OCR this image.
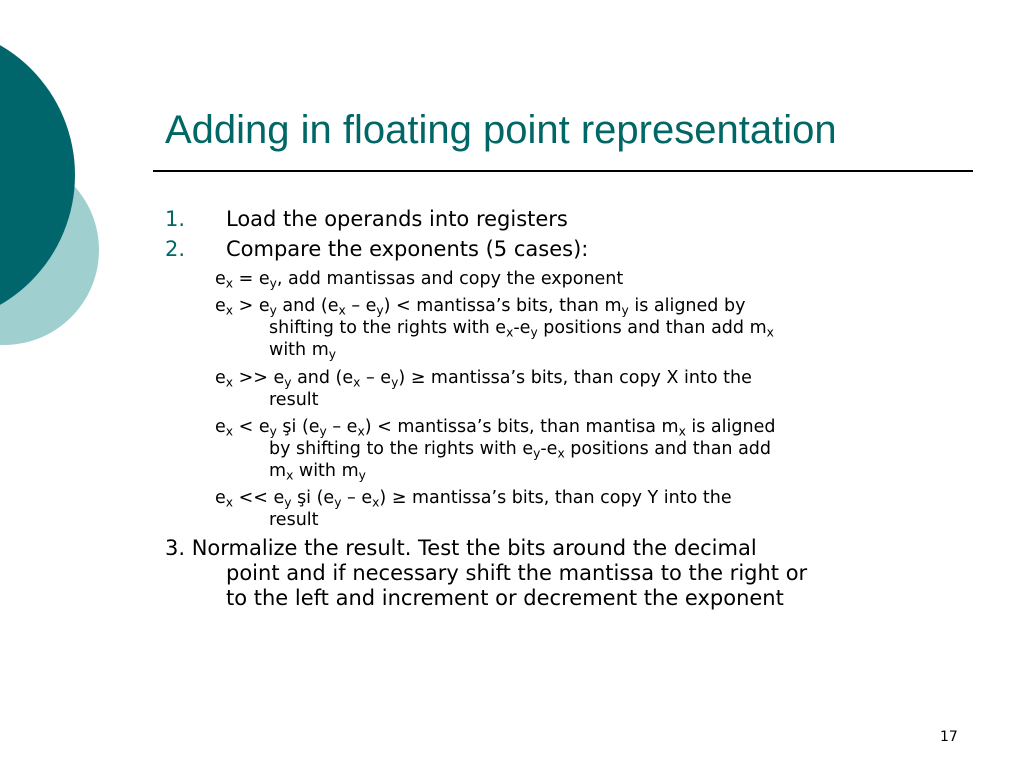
Adding in floating point representation
1. Load the operands into registers
2. Compare the exponents (5 cases):
$e_x = e_y$, add mantissas and copy the exponent
$e_x > e_y$ and $(e_x - e_y)$ < mantissa’s bits, than $m_y$ is aligned by
shifting to the rights with $e_x-e_y$ positions and than add $m_x$
with $m_y$
$e_x >> e_y$ and $(e_x - e_y)$ ≥ mantissa’s bits, than copy X into the
result
$e_x < e_y$ şi $(e_y - e_x)$ < mantissa’s bits, than mantisa $m_x$ is aligned
by shifting to the rights with $e_y-e_x$ positions and than add
$m_x$ with $m_y$
$e_x << e_y$ şi $(e_y - e_x)$ ≥ mantissa’s bits, than copy Y into the
result
3. Normalize the result. Test the bits around the decimal
point and if necessary shift the mantissa to the right or
to the left and increment or decrement the exponent
17
